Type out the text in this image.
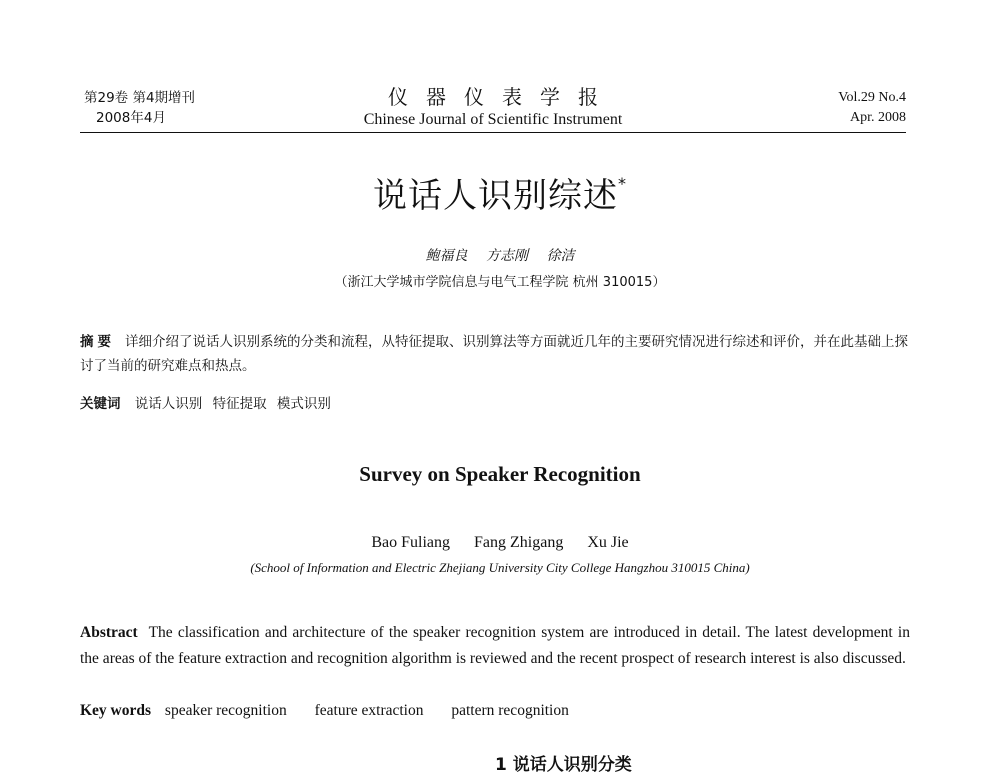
第29卷 第4期增刊
2008年4月
仪器仪表学报
Chinese Journal of Scientific Instrument
Vol.29 No.4
Apr. 2008
说话人识别综述*
鲍福良 方志刚 徐洁
（浙江大学城市学院信息与电气工程学院 杭州 310015）
摘要 详细介绍了说话人识别系统的分类和流程，从特征提取、识别算法等方面就近几年的主要研究情况进行综述和评价，并在此基础上探讨了当前的研究难点和热点。
关键词 说话人识别 特征提取 模式识别
Survey on Speaker Recognition
Bao Fuliang Fang Zhigang Xu Jie
(School of Information and Electric Zhejiang University City College Hangzhou 310015 China)
Abstract The classification and architecture of the speaker recognition system are introduced in detail. The latest development in the areas of the feature extraction and recognition algorithm is reviewed and the recent prospect of research interest is also discussed.
Key words speaker recognition feature extraction pattern recognition
1 说话人识别分类
